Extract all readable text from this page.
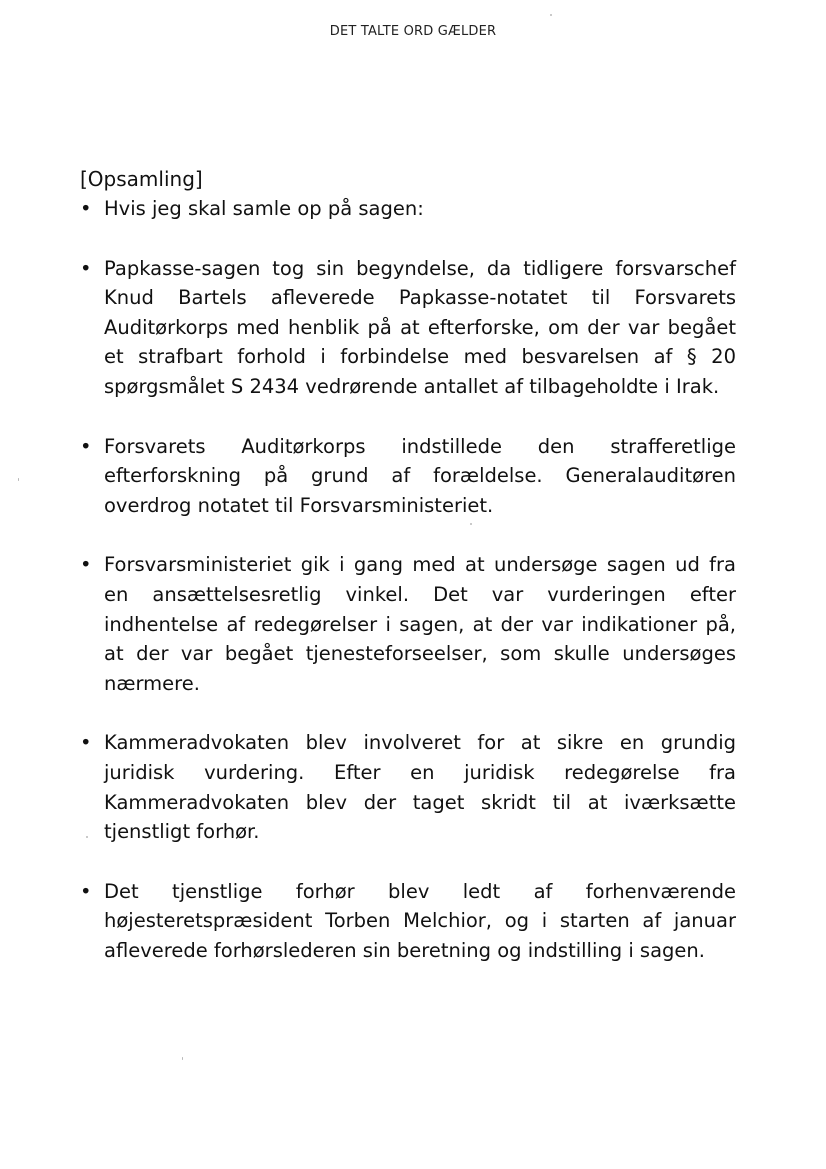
DET TALTE ORD GÆLDER
[Opsamling]
• Hvis jeg skal samle op på sagen:
• Papkasse-sagen tog sin begyndelse, da tidligere forsvarschef Knud Bartels afleverede Papkasse-notatet til Forsvarets Auditørkorps med henblik på at efterforske, om der var begået et strafbart forhold i forbindelse med besvarelsen af § 20 spørgsmålet S 2434 vedrørende antallet af tilbageholdte i Irak.
• Forsvarets Auditørkorps indstillede den strafferetlige efterforskning på grund af forældelse. Generalauditøren overdrog notatet til Forsvarsministeriet.
• Forsvarsministeriet gik i gang med at undersøge sagen ud fra en ansættelsesretlig vinkel. Det var vurderingen efter indhentelse af redegørelser i sagen, at der var indikationer på, at der var begået tjenesteforseelser, som skulle undersøges nærmere.
• Kammeradvokaten blev involveret for at sikre en grundig juridisk vurdering. Efter en juridisk redegørelse fra Kammeradvokaten blev der taget skridt til at iværksætte tjenstligt forhør.
• Det tjenstlige forhør blev ledt af forhenværende højesteretspræsident Torben Melchior, og i starten af januar afleverede forhørslederen sin beretning og indstilling i sagen.
